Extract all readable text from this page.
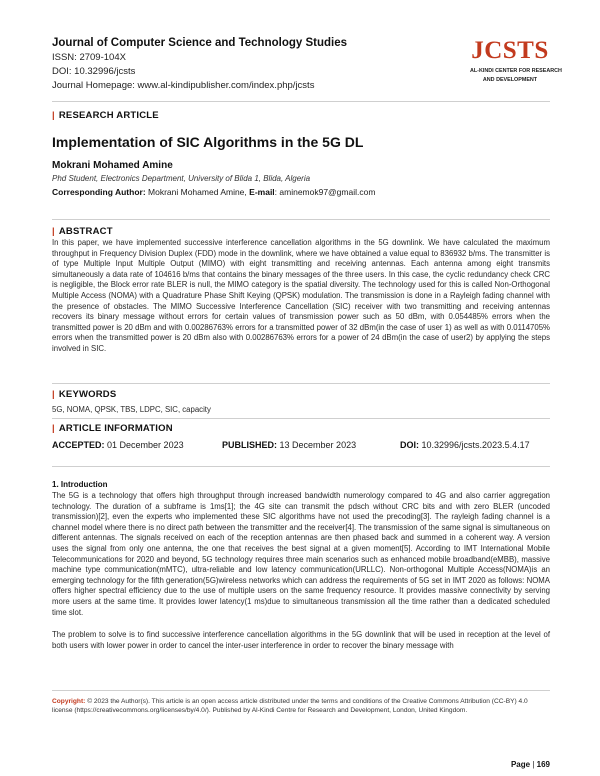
Journal of Computer Science and Technology Studies
ISSN: 2709-104X
DOI: 10.32996/jcsts
Journal Homepage: www.al-kindipublisher.com/index.php/jcsts
JCSTS
AL-KINDI CENTER FOR RESEARCH
AND DEVELOPMENT
| RESEARCH ARTICLE
Implementation of SIC Algorithms in the 5G DL
Mokrani Mohamed Amine
Phd Student, Electronics Department, University of Blida 1, Blida, Algeria
Corresponding Author: Mokrani Mohamed Amine, E-mail: aminemok97@gmail.com
| ABSTRACT
In this paper, we have implemented successive interference cancellation algorithms in the 5G downlink. We have calculated the maximum throughput in Frequency Division Duplex (FDD) mode in the downlink, where we have obtained a value equal to 836932 b/ms. The transmitter is of type Multiple Input Multiple Output (MIMO) with eight transmitting and receiving antennas. Each antenna among eight transmits simultaneously a data rate of 104616 b/ms that contains the binary messages of the three users. In this case, the cyclic redundancy check CRC is negligible, the Block error rate BLER is null, the MIMO category is the spatial diversity. The technology used for this is called Non-Orthogonal Multiple Access (NOMA) with a Quadrature Phase Shift Keying (QPSK) modulation. The transmission is done in a Rayleigh fading channel with the presence of obstacles. The MIMO Successive Interference Cancellation (SIC) receiver with two transmitting and receiving antennas recovers its binary message without errors for certain values of transmission power such as 50 dBm, with 0.054485% errors when the transmitted power is 20 dBm and with 0.00286763% errors for a transmitted power of 32 dBm(in the case of user 1) as well as with 0.0114705% errors when the transmitted power is 20 dBm also with 0.00286763% errors for a power of 24 dBm(in the case of user2) by applying the steps involved in SIC.
| KEYWORDS
5G, NOMA, QPSK, TBS, LDPC, SIC, capacity
| ARTICLE INFORMATION
ACCEPTED: 01 December 2023	PUBLISHED: 13 December 2023	DOI: 10.32996/jcsts.2023.5.4.17
1. Introduction
The 5G is a technology that offers high throughput through increased bandwidth numerology compared to 4G and also carrier aggregation technology. The duration of a subframe is 1ms[1]; the 4G site can transmit the pdsch without CRC bits and with zero BLER (uncoded transmission)[2], even the experts who implemented these SIC algorithms have not used the precoding[3]. The rayleigh fading channel is a channel model where there is no direct path between the transmitter and the receiver[4]. The transmission of the same signal is simultaneous on different antennas. The signals received on each of the reception antennas are then phased back and summed in a coherent way. A version uses the signal from only one antenna, the one that receives the best signal at a given moment[5]. According to IMT International Mobile Telecommunications for 2020 and beyond, 5G technology requires three main scenarios such as enhanced mobile broadband(eMBB), massive machine type communication(mMTC), ultra-reliable and low latency communication(URLLC). Non-orthogonal Multiple Access(NOMA)is an emerging technology for the fifth generation(5G)wireless networks which can address the requirements of 5G set in IMT 2020 as follows: NOMA offers higher spectral efficiency due to the use of multiple users on the same frequency resource. It provides massive connectivity by serving more users at the same time. It provides lower latency(1 ms)due to simultaneous transmission all the time rather than a dedicated scheduled time slot.
The problem to solve is to find successive interference cancellation algorithms in the 5G downlink that will be used in reception at the level of both users with lower power in order to cancel the inter-user interference in order to recover the binary message with
Copyright: © 2023 the Author(s). This article is an open access article distributed under the terms and conditions of the Creative Commons Attribution (CC-BY) 4.0 license (https://creativecommons.org/licenses/by/4.0/). Published by Al-Kindi Centre for Research and Development, London, United Kingdom.
Page | 169
